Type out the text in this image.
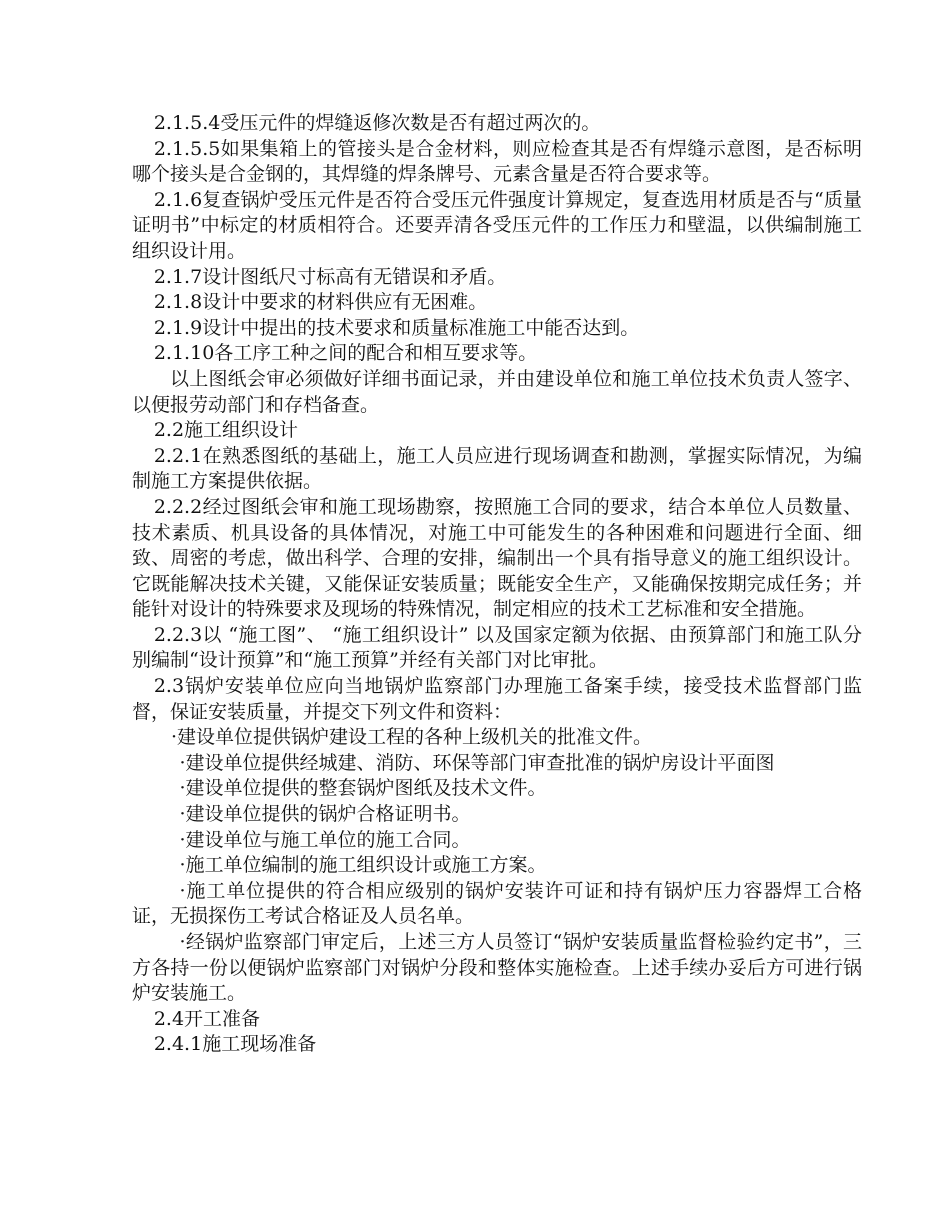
2.1.5.4受压元件的焊缝返修次数是否有超过两次的。

2.1.5.5如果集箱上的管接头是合金材料，则应检查其是否有焊缝示意图，是否标明哪个接头是合金钢的，其焊缝的焊条牌号、元素含量是否符合要求等。

2.1.6复查锅炉受压元件是否符合受压元件强度计算规定，复查选用材质是否与“质量证明书”中标定的材质相符合。还要弄清各受压元件的工作压力和壁温，以供编制施工组织设计用。

2.1.7设计图纸尺寸标高有无错误和矛盾。

2.1.8设计中要求的材料供应有无困难。

2.1.9设计中提出的技术要求和质量标准施工中能否达到。

2.1.10各工序工种之间的配合和相互要求等。

以上图纸会审必须做好详细书面记录，并由建设单位和施工单位技术负责人签字、以便报劳动部门和存档备查。

2.2施工组织设计

2.2.1在熟悉图纸的基础上，施工人员应进行现场调查和勘测，掌握实际情况，为编制施工方案提供依据。

2.2.2经过图纸会审和施工现场勘察，按照施工合同的要求，结合本单位人员数量、技术素质、机具设备的具体情况，对施工中可能发生的各种困难和问题进行全面、细致、周密的考虑，做出科学、合理的安排，编制出一个具有指导意义的施工组织设计。它既能解决技术关键，又能保证安装质量；既能安全生产，又能确保按期完成任务；并能针对设计的特殊要求及现场的特殊情况，制定相应的技术工艺标准和安全措施。

2.2.3以 “施工图”、 “施工组织设计” 以及国家定额为依据、由预算部门和施工队分别编制“设计预算”和“施工预算”并经有关部门对比审批。

2.3锅炉安装单位应向当地锅炉监察部门办理施工备案手续，接受技术监督部门监督，保证安装质量，并提交下列文件和资料：

·建设单位提供锅炉建设工程的各种上级机关的批准文件。

·建设单位提供经城建、消防、环保等部门审查批准的锅炉房设计平面图

·建设单位提供的整套锅炉图纸及技术文件。

·建设单位提供的锅炉合格证明书。

·建设单位与施工单位的施工合同。

·施工单位编制的施工组织设计或施工方案。

·施工单位提供的符合相应级别的锅炉安装许可证和持有锅炉压力容器焊工合格证，无损探伤工考试合格证及人员名单。

·经锅炉监察部门审定后，上述三方人员签订“锅炉安装质量监督检验约定书”，三方各持一份以便锅炉监察部门对锅炉分段和整体实施检查。上述手续办妥后方可进行锅炉安装施工。

2.4开工准备

2.4.1施工现场准备
